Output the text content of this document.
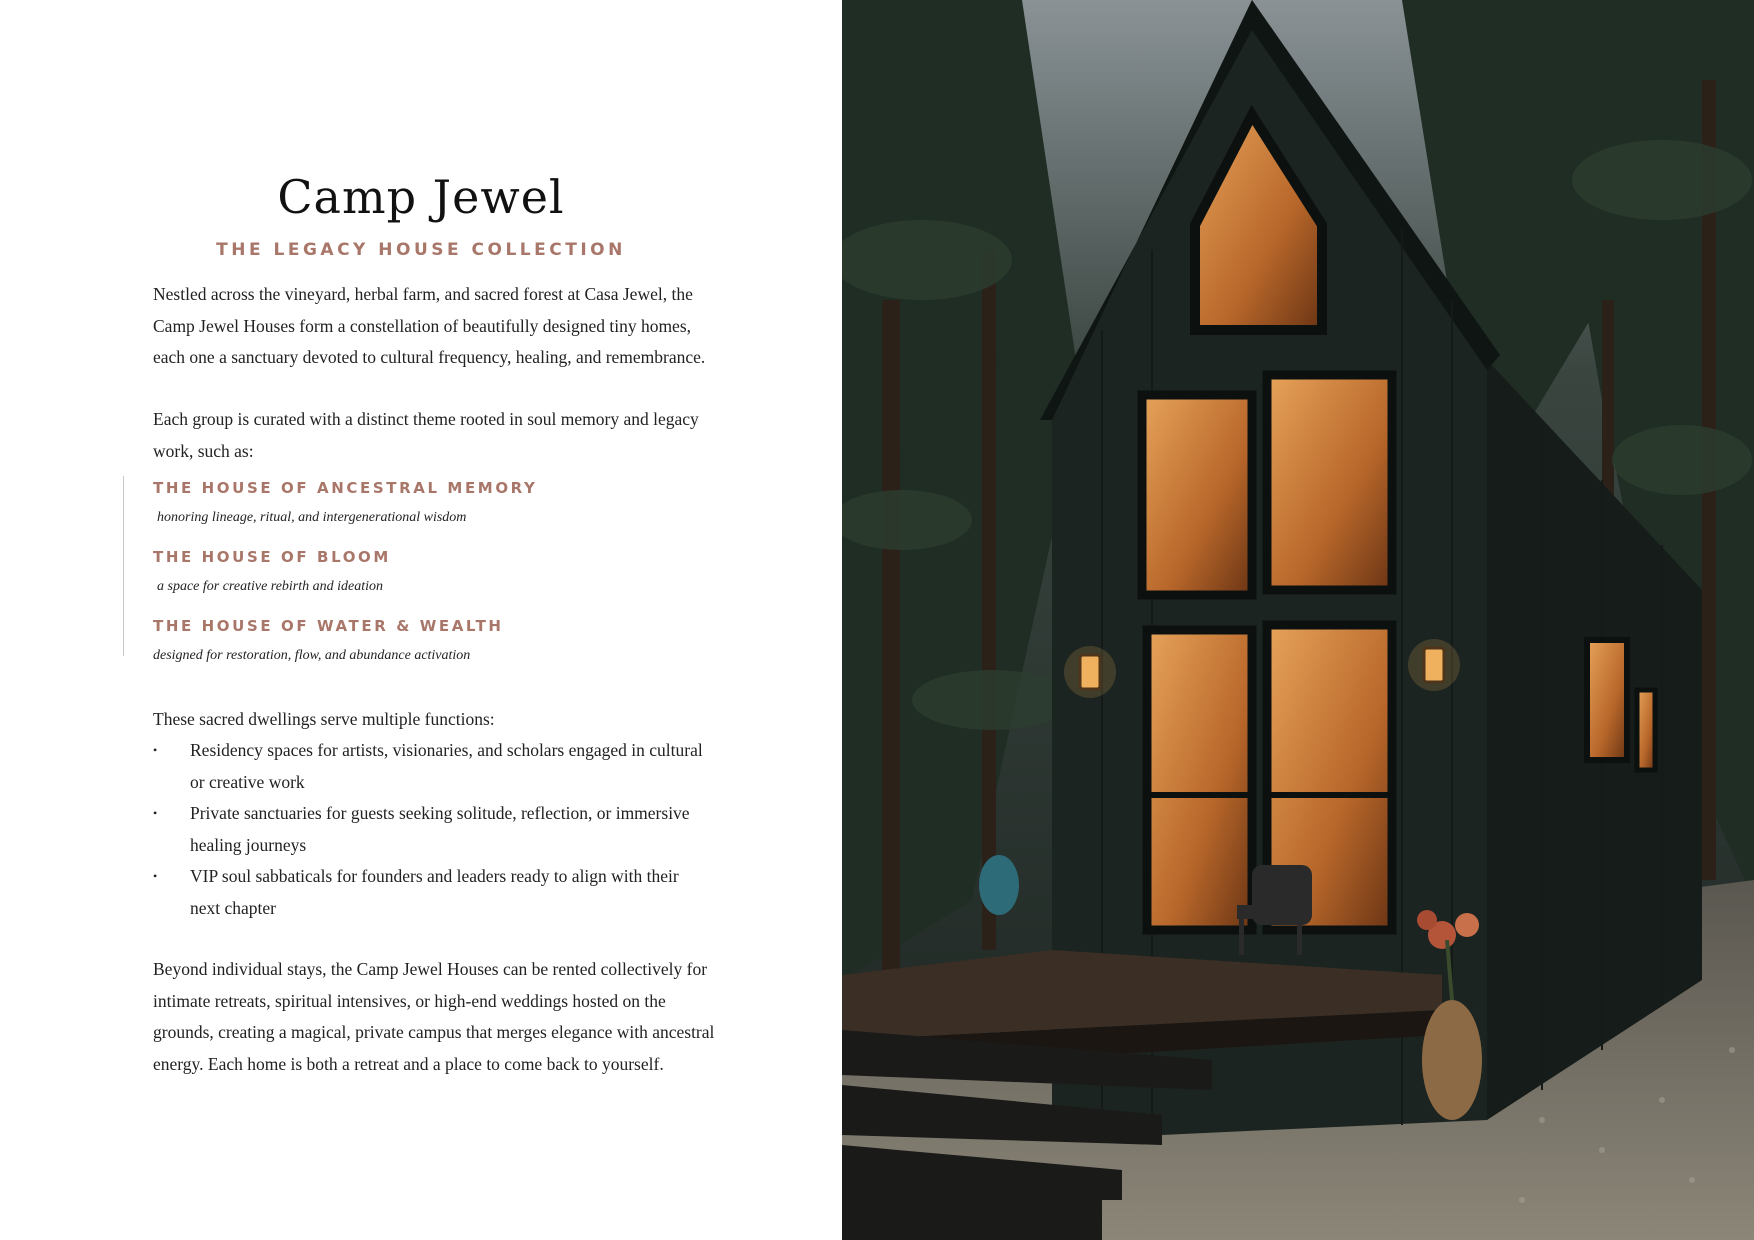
Camp Jewel
THE LEGACY HOUSE COLLECTION

Nestled across the vineyard, herbal farm, and sacred forest at Casa Jewel, the Camp Jewel Houses form a constellation of beautifully designed tiny homes, each one a sanctuary devoted to cultural frequency, healing, and remembrance.

Each group is curated with a distinct theme rooted in soul memory and legacy work, such as:

THE HOUSE OF ANCESTRAL MEMORY

honoring lineage, ritual, and intergenerational wisdom

THE HOUSE OF BLOOM

a space for creative rebirth and ideation

THE HOUSE OF WATER & WEALTH

designed for restoration, flow, and abundance activation

These sacred dwellings serve multiple functions:

• Residency spaces for artists, visionaries, and scholars engaged in cultural or creative work
• Private sanctuaries for guests seeking solitude, reflection, or immersive healing journeys
• VIP soul sabbaticals for founders and leaders ready to align with their next chapter

Beyond individual stays, the Camp Jewel Houses can be rented collectively for intimate retreats, spiritual intensives, or high-end weddings hosted on the grounds, creating a magical, private campus that merges elegance with ancestral energy. Each home is both a retreat and a place to come back to yourself.
